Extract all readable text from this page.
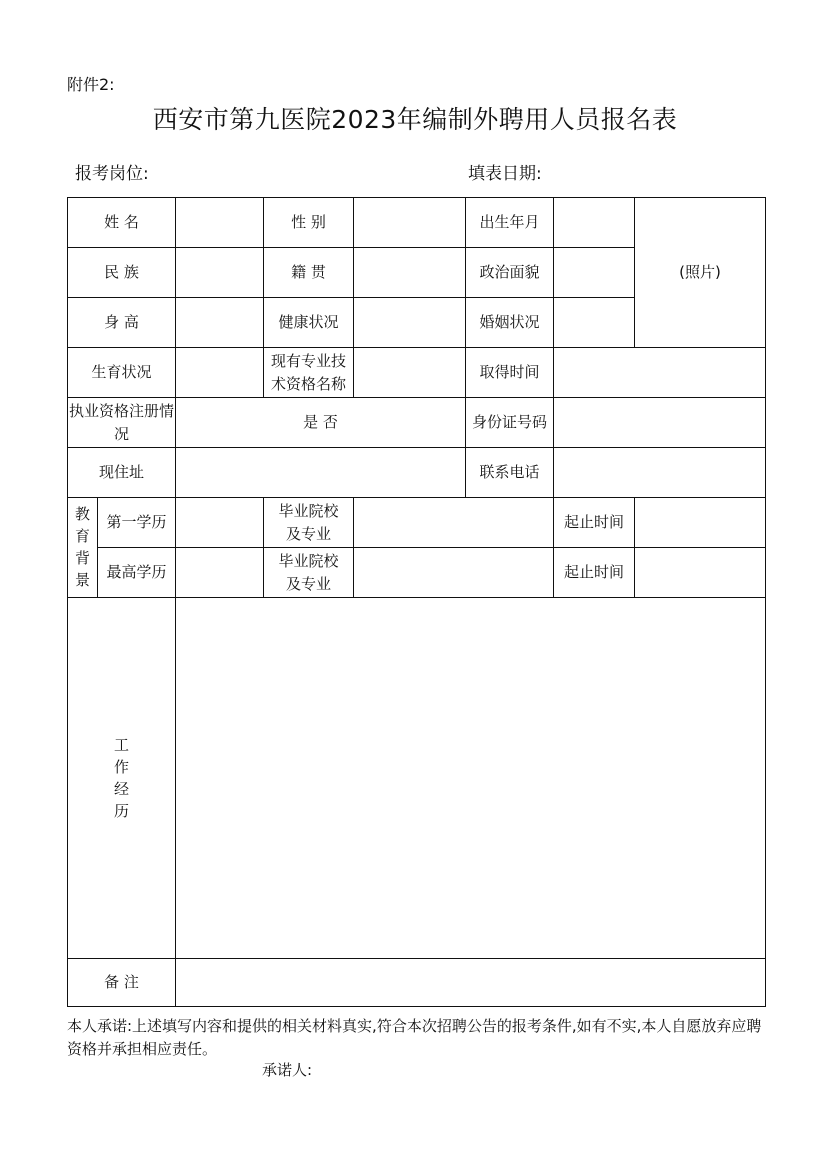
附件2:
西安市第九医院2023年编制外聘用人员报名表
报考岗位:	填表日期:
姓 名			性 别		出生年月		(照片)
民 族			籍 贯		政治面貌		
身 高			健康状况		婚姻状况		
生育状况			现有专业技术资格名称		取得时间		
执业资格注册情况		是 否			身份证号码		
现住址					联系电话		
教育背景	第一学历		毕业院校及专业			起止时间	
	最高学历		毕业院校及专业			起止时间	
工作经历							
备 注							
本人承诺:上述填写内容和提供的相关材料真实,符合本次招聘公告的报考条件,如有不实,本人自愿放弃应聘资格并承担相应责任。
承诺人:
